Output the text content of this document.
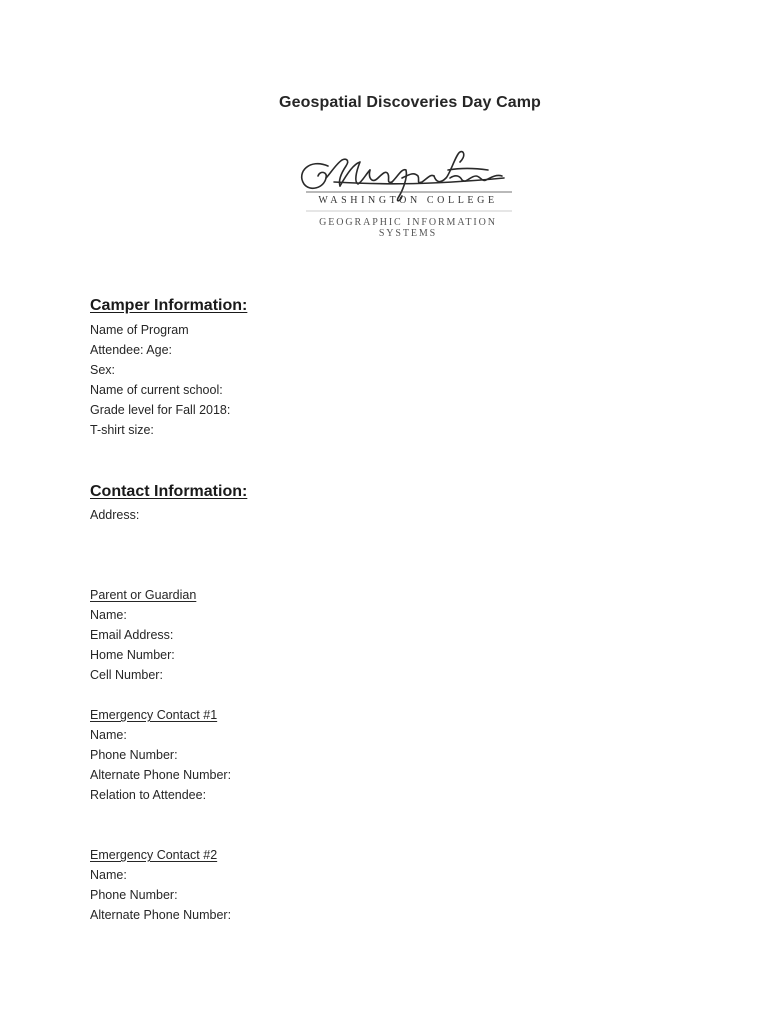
Geospatial Discoveries Day Camp
WASHINGTON COLLEGE
GEOGRAPHIC INFORMATION
SYSTEMS
Camper Information:
Name of Program
Attendee: Age:
Sex:
Name of current school:
Grade level for Fall 2018:
T-shirt size:
Contact Information:
Address:
Parent or Guardian
Name:
Email Address:
Home Number:
Cell Number:
Emergency Contact #1
Name:
Phone Number:
Alternate Phone Number:
Relation to Attendee:
Emergency Contact #2
Name:
Phone Number:
Alternate Phone Number:
